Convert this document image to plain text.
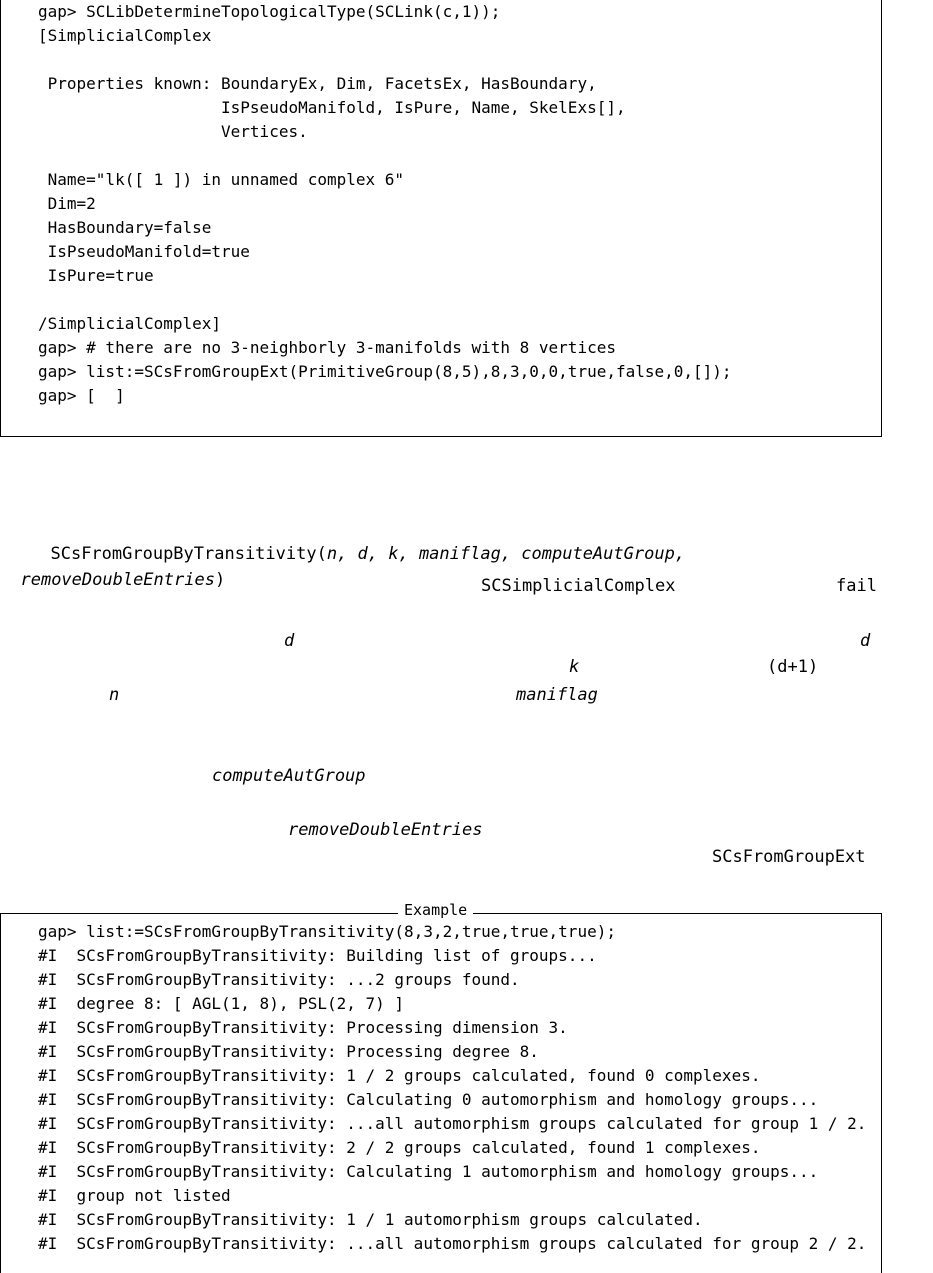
gap> SCLibDetermineTopologicalType(SCLink(c,1));
[SimplicialComplex
Properties known: BoundaryEx, Dim, FacetsEx, HasBoundary,
IsPseudoManifold, IsPure, Name, SkelExs[],
Vertices.
Name="lk([ 1 ]) in unnamed complex 6"
Dim=2
HasBoundary=false
IsPseudoManifold=true
IsPure=true
/SimplicialComplex]
gap> # there are no 3-neighborly 3-manifolds with 8 vertices
gap> list:=SCsFromGroupExt(PrimitiveGroup(8,5),8,3,0,0,true,false,0,[]);
gap> [  ]

SCsFromGroupByTransitivity(n, d, k, maniflag, computeAutGroup,

removeDoubleEntries)	SCSimplicialComplex	fail
d	d
k	(d+1)
n	maniflag
computeAutGroup
removeDoubleEntries
SCsFromGroupExt
gap> list:=SCsFromGroupByTransitivity(8,3,2,true,true,true);
#I  SCsFromGroupByTransitivity: Building list of groups...
#I  SCsFromGroupByTransitivity: ...2 groups found.
#I  degree 8: [ AGL(1, 8), PSL(2, 7) ]
#I  SCsFromGroupByTransitivity: Processing dimension 3.
#I  SCsFromGroupByTransitivity: Processing degree 8.
#I  SCsFromGroupByTransitivity: 1 / 2 groups calculated, found 0 complexes.
#I  SCsFromGroupByTransitivity: Calculating 0 automorphism and homology groups...
#I  SCsFromGroupByTransitivity: ...all automorphism groups calculated for group 1 / 2.
#I  SCsFromGroupByTransitivity: 2 / 2 groups calculated, found 1 complexes.
#I  SCsFromGroupByTransitivity: Calculating 1 automorphism and homology groups...
#I  group not listed
#I  SCsFromGroupByTransitivity: 1 / 1 automorphism groups calculated.
#I  SCsFromGroupByTransitivity: ...all automorphism groups calculated for group 2 / 2.
Example
